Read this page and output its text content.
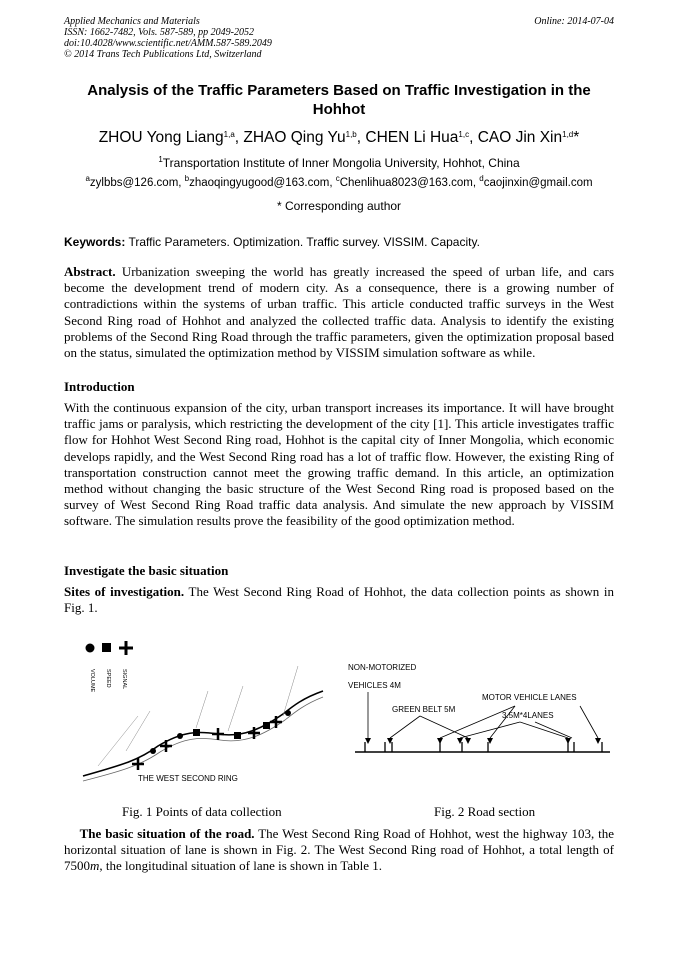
Applied Mechanics and Materials
ISSN: 1662-7482, Vols. 587-589, pp 2049-2052
doi:10.4028/www.scientific.net/AMM.587-589.2049
© 2014 Trans Tech Publications Ltd, Switzerland
Online: 2014-07-04
Analysis of the Traffic Parameters Based on Traffic Investigation in the Hohhot
ZHOU Yong Liang$^{1,a}$, ZHAO Qing Yu$^{1,b}$, CHEN Li Hua$^{1,c}$, CAO Jin Xin$^{1,d}$*
$^1$Transportation Institute of Inner Mongolia University, Hohhot, China
$^a$zylbbs@126.com, $^b$zhaoqingyugood@163.com, $^c$Chenlihua8023@163.com, $^d$caojinxin@gmail.com
* Corresponding author
Keywords: Traffic Parameters. Optimization. Traffic survey. VISSIM. Capacity.
Abstract. Urbanization sweeping the world has greatly increased the speed of urban life, and cars become the development trend of modern city. As a consequence, there is a growing number of contradictions within the systems of urban traffic. This article conducted traffic surveys in the West Second Ring road of Hohhot and analyzed the collected traffic data. Analysis to identify the existing problems of the Second Ring Road through the traffic parameters, given the optimization proposal based on the status, simulated the optimization method by VISSIM simulation software as while.
Introduction
With the continuous expansion of the city, urban transport increases its importance. It will have brought traffic jams or paralysis, which restricting the development of the city [1]. This article investigates traffic flow for Hohhot West Second Ring road, Hohhot is the capital city of Inner Mongolia, which economic develops rapidly, and the West Second Ring road has a lot of traffic flow. However, the existing Ring of transportation construction cannot meet the growing traffic demand. In this article, an optimization method without changing the basic structure of the West Second Ring road is proposed based on the survey of West Second Ring Road traffic data analysis. And simulate the new approach by VISSIM software. The simulation results prove the feasibility of the good optimization method.
Investigate the basic situation
Sites of investigation. The West Second Ring Road of Hohhot, the data collection points as shown in Fig. 1.
VOLUME SPEED SIGNAL
THE WEST SECOND RING
Fig. 1 Points of data collection
NON-MOTORIZED
VEHICLES 4M
MOTOR VEHICLE LANES
GREEN BELT 5M
3.5M*4LANES
Fig. 2 Road section
The basic situation of the road. The West Second Ring Road of Hohhot, west the highway 103, the horizontal situation of lane is shown in Fig. 2. The West Second Ring road of Hohhot, a total length of 7500m, the longitudinal situation of lane is shown in Table 1.
